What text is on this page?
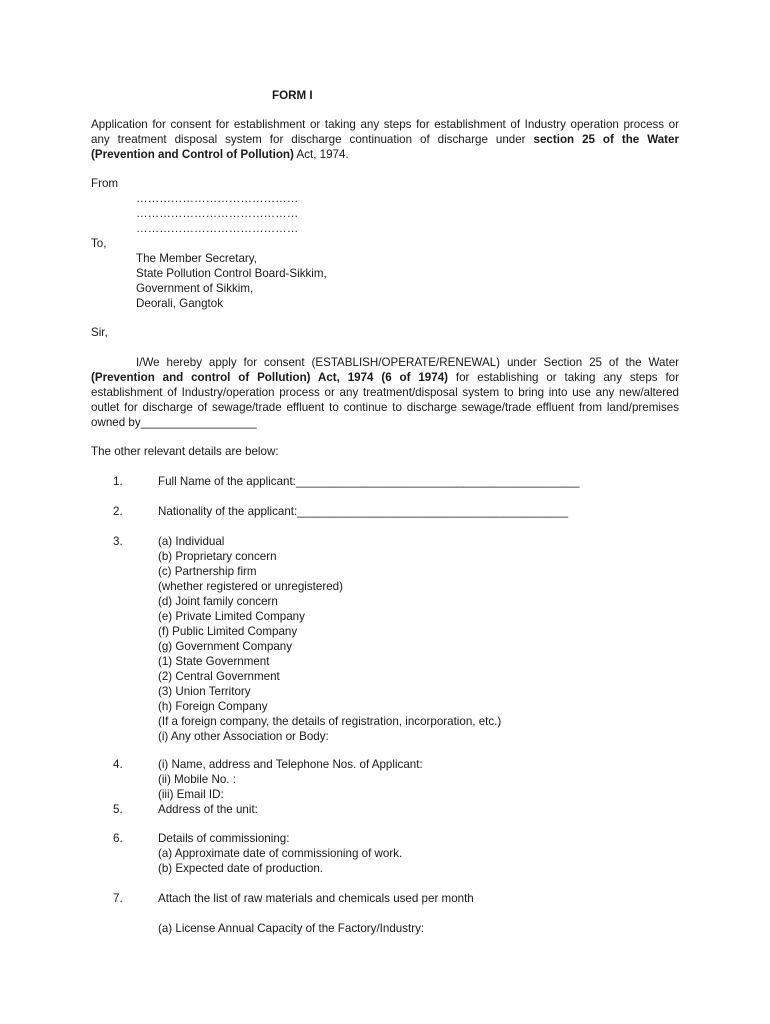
FORM I
Application for consent for establishment or taking any steps for establishment of Industry operation process or any treatment disposal system for discharge continuation of discharge under section 25 of the Water (Prevention and Control of Pollution) Act, 1974.
From
……………………………………
……………………………………
……………………………………
To,
The Member Secretary,
State Pollution Control Board-Sikkim,
Government of Sikkim,
Deorali, Gangtok
Sir,
I/We hereby apply for consent (ESTABLISH/OPERATE/RENEWAL) under Section 25 of the Water (Prevention and control of Pollution) Act, 1974 (6 of 1974) for establishing or taking any steps for establishment of Industry/operation process or any treatment/disposal system to bring into use any new/altered outlet for discharge of sewage/trade effluent to continue to discharge sewage/trade effluent from land/premises owned by__________________
The other relevant details are below:
1.	Full Name of the applicant:____________________________________________
2.	Nationality of the applicant:__________________________________________
3.	(a) Individual
(b) Proprietary concern
(c) Partnership firm
(whether registered or unregistered)
(d) Joint family concern
(e) Private Limited Company
(f) Public Limited Company
(g) Government Company
(1) State Government
(2) Central Government
(3) Union Territory
(h) Foreign Company
(If a foreign company, the details of registration, incorporation, etc.)
(i) Any other Association or Body:
4.	(i) Name, address and Telephone Nos. of Applicant:
(ii) Mobile No. :
(iii) Email ID:
5.	Address of the unit:
6.	Details of commissioning:
(a) Approximate date of commissioning of work.
(b) Expected date of production.
7.	Attach the list of raw materials and chemicals used per month
(a) License Annual Capacity of the Factory/Industry:
